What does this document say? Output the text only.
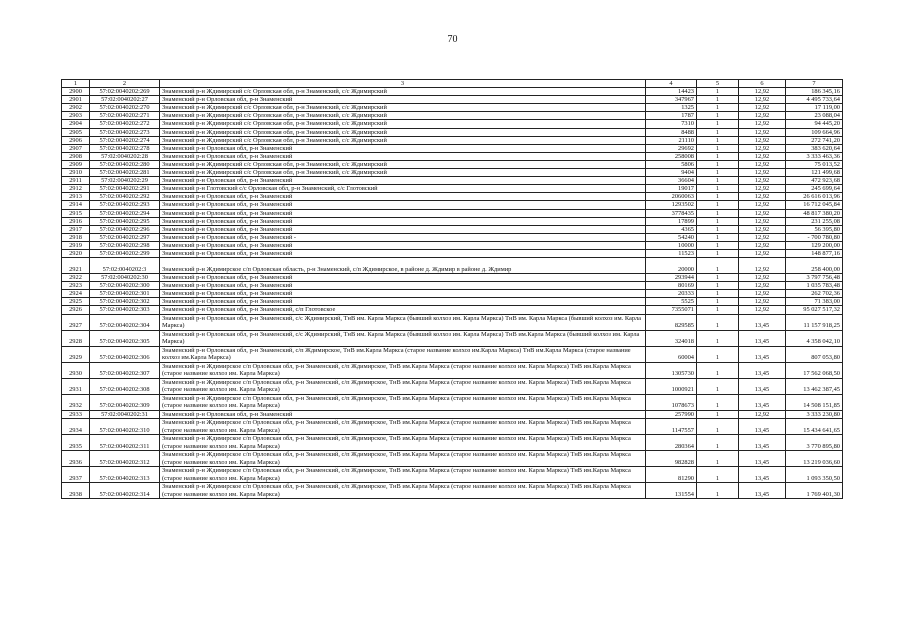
70
1	2	3	4	5	6	7
2900	57:02:0040202:269	Знаменский р-н Ждимирский с/с Орловская обл, р-н Знаменский, с/с Ждимирский	14423	1	12,92	186 345,16
2901	57:02:0040202:27	Знаменский р-н Орловская обл, р-н Знаменский	347967	1	12,92	4 495 733,64
2902	57:02:0040202:270	Знаменский р-н Ждимирский с/с Орловская обл, р-н Знаменский, с/с Ждимирский	1325	1	12,92	17 119,00
2903	57:02:0040202:271	Знаменский р-н Ждимирский с/с Орловская обл, р-н Знаменский, с/с Ждимирский	1787	1	12,92	23 088,04
2904	57:02:0040202:272	Знаменский р-н Ждимирский с/с Орловская обл, р-н Знаменский, с/с Ждимирский	7310	1	12,92	94 445,20
2905	57:02:0040202:273	Знаменский р-н Ждимирский с/с Орловская обл, р-н Знаменский, с/с Ждимирский	8488	1	12,92	109 664,96
2906	57:02:0040202:274	Знаменский р-н Ждимирский с/с Орловская обл, р-н Знаменский, с/с Ждимирский	21110	1	12,92	272 741,20
2907	57:02:0040202:278	Знаменский р-н Орловская обл, р-н Знаменский	29692	1	12,92	383 620,64
2908	57:02:0040202:28	Знаменский р-н Орловская обл, р-н Знаменский	258008	1	12,92	3 333 463,36
2909	57:02:0040202:280	Знаменский р-н Ждимирский с/с Орловская обл, р-н Знаменский, с/с Ждимирский	5806	1	12,92	75 013,52
2910	57:02:0040202:281	Знаменский р-н Ждимирский с/с Орловская обл, р-н Знаменский, с/с Ждимирский	9404	1	12,92	121 499,68
2911	57:02:0040202:29	Знаменский р-н Орловская обл, р-н Знаменский	36604	1	12,92	472 923,68
2912	57:02:0040202:291	Знаменский р-н Глотовский с/с Орловская обл, р-н Знаменский, с/с Глотовский	19017	1	12,92	245 699,64
2913	57:02:0040202:292	Знаменский р-н Орловская обл, р-н Знаменский	2060063	1	12,92	26 616 013,96
2914	57:02:0040202:293	Знаменский р-н Орловская обл, р-н Знаменский	1293502	1	12,92	16 712 045,84
2915	57:02:0040202:294	Знаменский р-н Орловская обл, р-н Знаменский	3778435	1	12,92	48 817 380,20
2916	57:02:0040202:295	Знаменский р-н Орловская обл, р-н Знаменский	17899	1	12,92	231 255,08
2917	57:02:0040202:296	Знаменский р-н Орловская обл, р-н Знаменский	4365	1	12,92	56 395,80
2918	57:02:0040202:297	Знаменский р-н Орловская обл, р-н Знаменский -	54240	1	12,92	- 700 780,80
2919	57:02:0040202:298	Знаменский р-н Орловская обл, р-н Знаменский	10000	1	12,92	129 200,00
2920	57:02:0040202:299	Знаменский р-н Орловская обл, р-н Знаменский	11523	1	12,92	148 877,16
2921	57:02:0040202:3	Знаменский р-н Ждимирское с/п Орловская область, р-н Знаменский, с/п Ждимирское, в районе д. Ждимир в районе д. Ждимир	20000	1	12,92	258 400,00
2922	57:02:0040202:30	Знаменский р-н Орловская обл, р-н Знаменский	293944	1	12,92	3 797 756,48
2923	57:02:0040202:300	Знаменский р-н Орловская обл, р-н Знаменский	80169	1	12,92	1 035 783,48
2924	57:02:0040202:301	Знаменский р-н Орловская обл, р-н Знаменский	20333	1	12,92	262 702,36
2925	57:02:0040202:302	Знаменский р-н Орловская обл, р-н Знаменский	5525	1	12,92	71 383,00
2926	57:02:0040202:303	Знаменский р-н Орловская обл, р-н Знаменский, с/п Глотовское	7355071	1	12,92	95 027 517,32
2927	57:02:0040202:304	Знаменский р-н Орловская обл, р-н Знаменский, с/с Ждимирский, ТнВ им. Карла Маркса (бывший колхоз им. Карла Маркса) ТнВ им. Карла Маркса (бывший колхоз им. Карла Маркса)	829585	1	13,45	11 157 918,25
2928	57:02:0040202:305	Знаменский р-н Орловская обл, р-н Знаменский, с/с Ждимирский, ТнВ им. Карла Маркса (бывший колхоз им. Карла Маркса) ТнВ им.Карла Маркса (бывший колхоз им. Карла Маркса)	324018	1	13,45	4 358 042,10
2929	57:02:0040202:306	Знаменский р-н Орловская обл, р-н Знаменский, с/п Ждимирское, ТнВ им.Карла Маркса (старое название колхоз им.Карла Маркса) ТнВ им.Карла Маркса (старое название колхоз им.Карла Маркса)	60004	1	13,45	807 053,80
2930	57:02:0040202:307	Знаменский р-н Ждимирское с/п Орловская обл, р-н Знаменский, с/п Ждимирское, ТнВ им.Карла Маркса (старое название колхоз им. Карла Маркса) ТнВ им.Карла Маркса (старое название колхоз им. Карла Маркса)	1305730	1	13,45	17 562 068,50
2931	57:02:0040202:308	Знаменский р-н Ждимирское с/п Орловская обл, р-н Знаменский, с/п Ждимирское, ТнВ им.Карла Маркса (старое название колхоз им. Карла Маркса) ТнВ им.Карла Маркса (старое название колхоз им. Карла Маркса)	1000921	1	13,45	13 462 387,45
2932	57:02:0040202:309	Знаменский р-н Ждимирское с/п Орловская обл, р-н Знаменский, с/п Ждимирское, ТнВ им.Карла Маркса (старое название колхоз им. Карла Маркса) ТнВ им.Карла Маркса (старое название колхоз им. Карла Маркса)	1078673	1	13,45	14 508 151,85
2933	57:02:0040202:31	Знаменский р-н Орловская обл, р-н Знаменский	257990	1	12,92	3 333 230,80
2934	57:02:0040202:310	Знаменский р-н Ждимирское с/п Орловская обл, р-н Знаменский, с/п Ждимирское, ТнВ им.Карла Маркса (старое название колхоз им. Карла Маркса) ТнВ им.Карла Маркса (старое название колхоз им. Карла Маркса)	1147557	1	13,45	15 434 641,65
2935	57:02:0040202:311	Знаменский р-н Ждимирское с/п Орловская обл, р-н Знаменский, с/п Ждимирское, ТнВ им.Карла Маркса (старое название колхоз им. Карла Маркса) ТнВ им.Карла Маркса (старое название колхоз им. Карла Маркса)	280364	1	13,45	3 770 895,80
2936	57:02:0040202:312	Знаменский р-н Ждимирское с/п Орловская обл, р-н Знаменский, с/п Ждимирское, ТнВ им.Карла Маркса (старое название колхоз им. Карла Маркса) ТнВ им.Карла Маркса (старое название колхоз им. Карла Маркса)	982828	1	13,45	13 219 036,60
2937	57:02:0040202:313	Знаменский р-н Ждимирское с/п Орловская обл, р-н Знаменский, с/п Ждимирское, ТнВ им.Карла Маркса (старое название колхоз им. Карла Маркса) ТнВ им.Карла Маркса (старое название колхоз им. Карла Маркса)	81290	1	13,45	1 093 350,50
2938	57:02:0040202:314	Знаменский р-н Ждимирское с/п Орловская обл, р-н Знаменский, с/п Ждимирское, ТнВ им.Карла Маркса (старое название колхоз им. Карла Маркса) ТнВ им.Карла Маркса (старое название колхоз им. Карла Маркса)	131554	1	13,45	1 769 401,30
